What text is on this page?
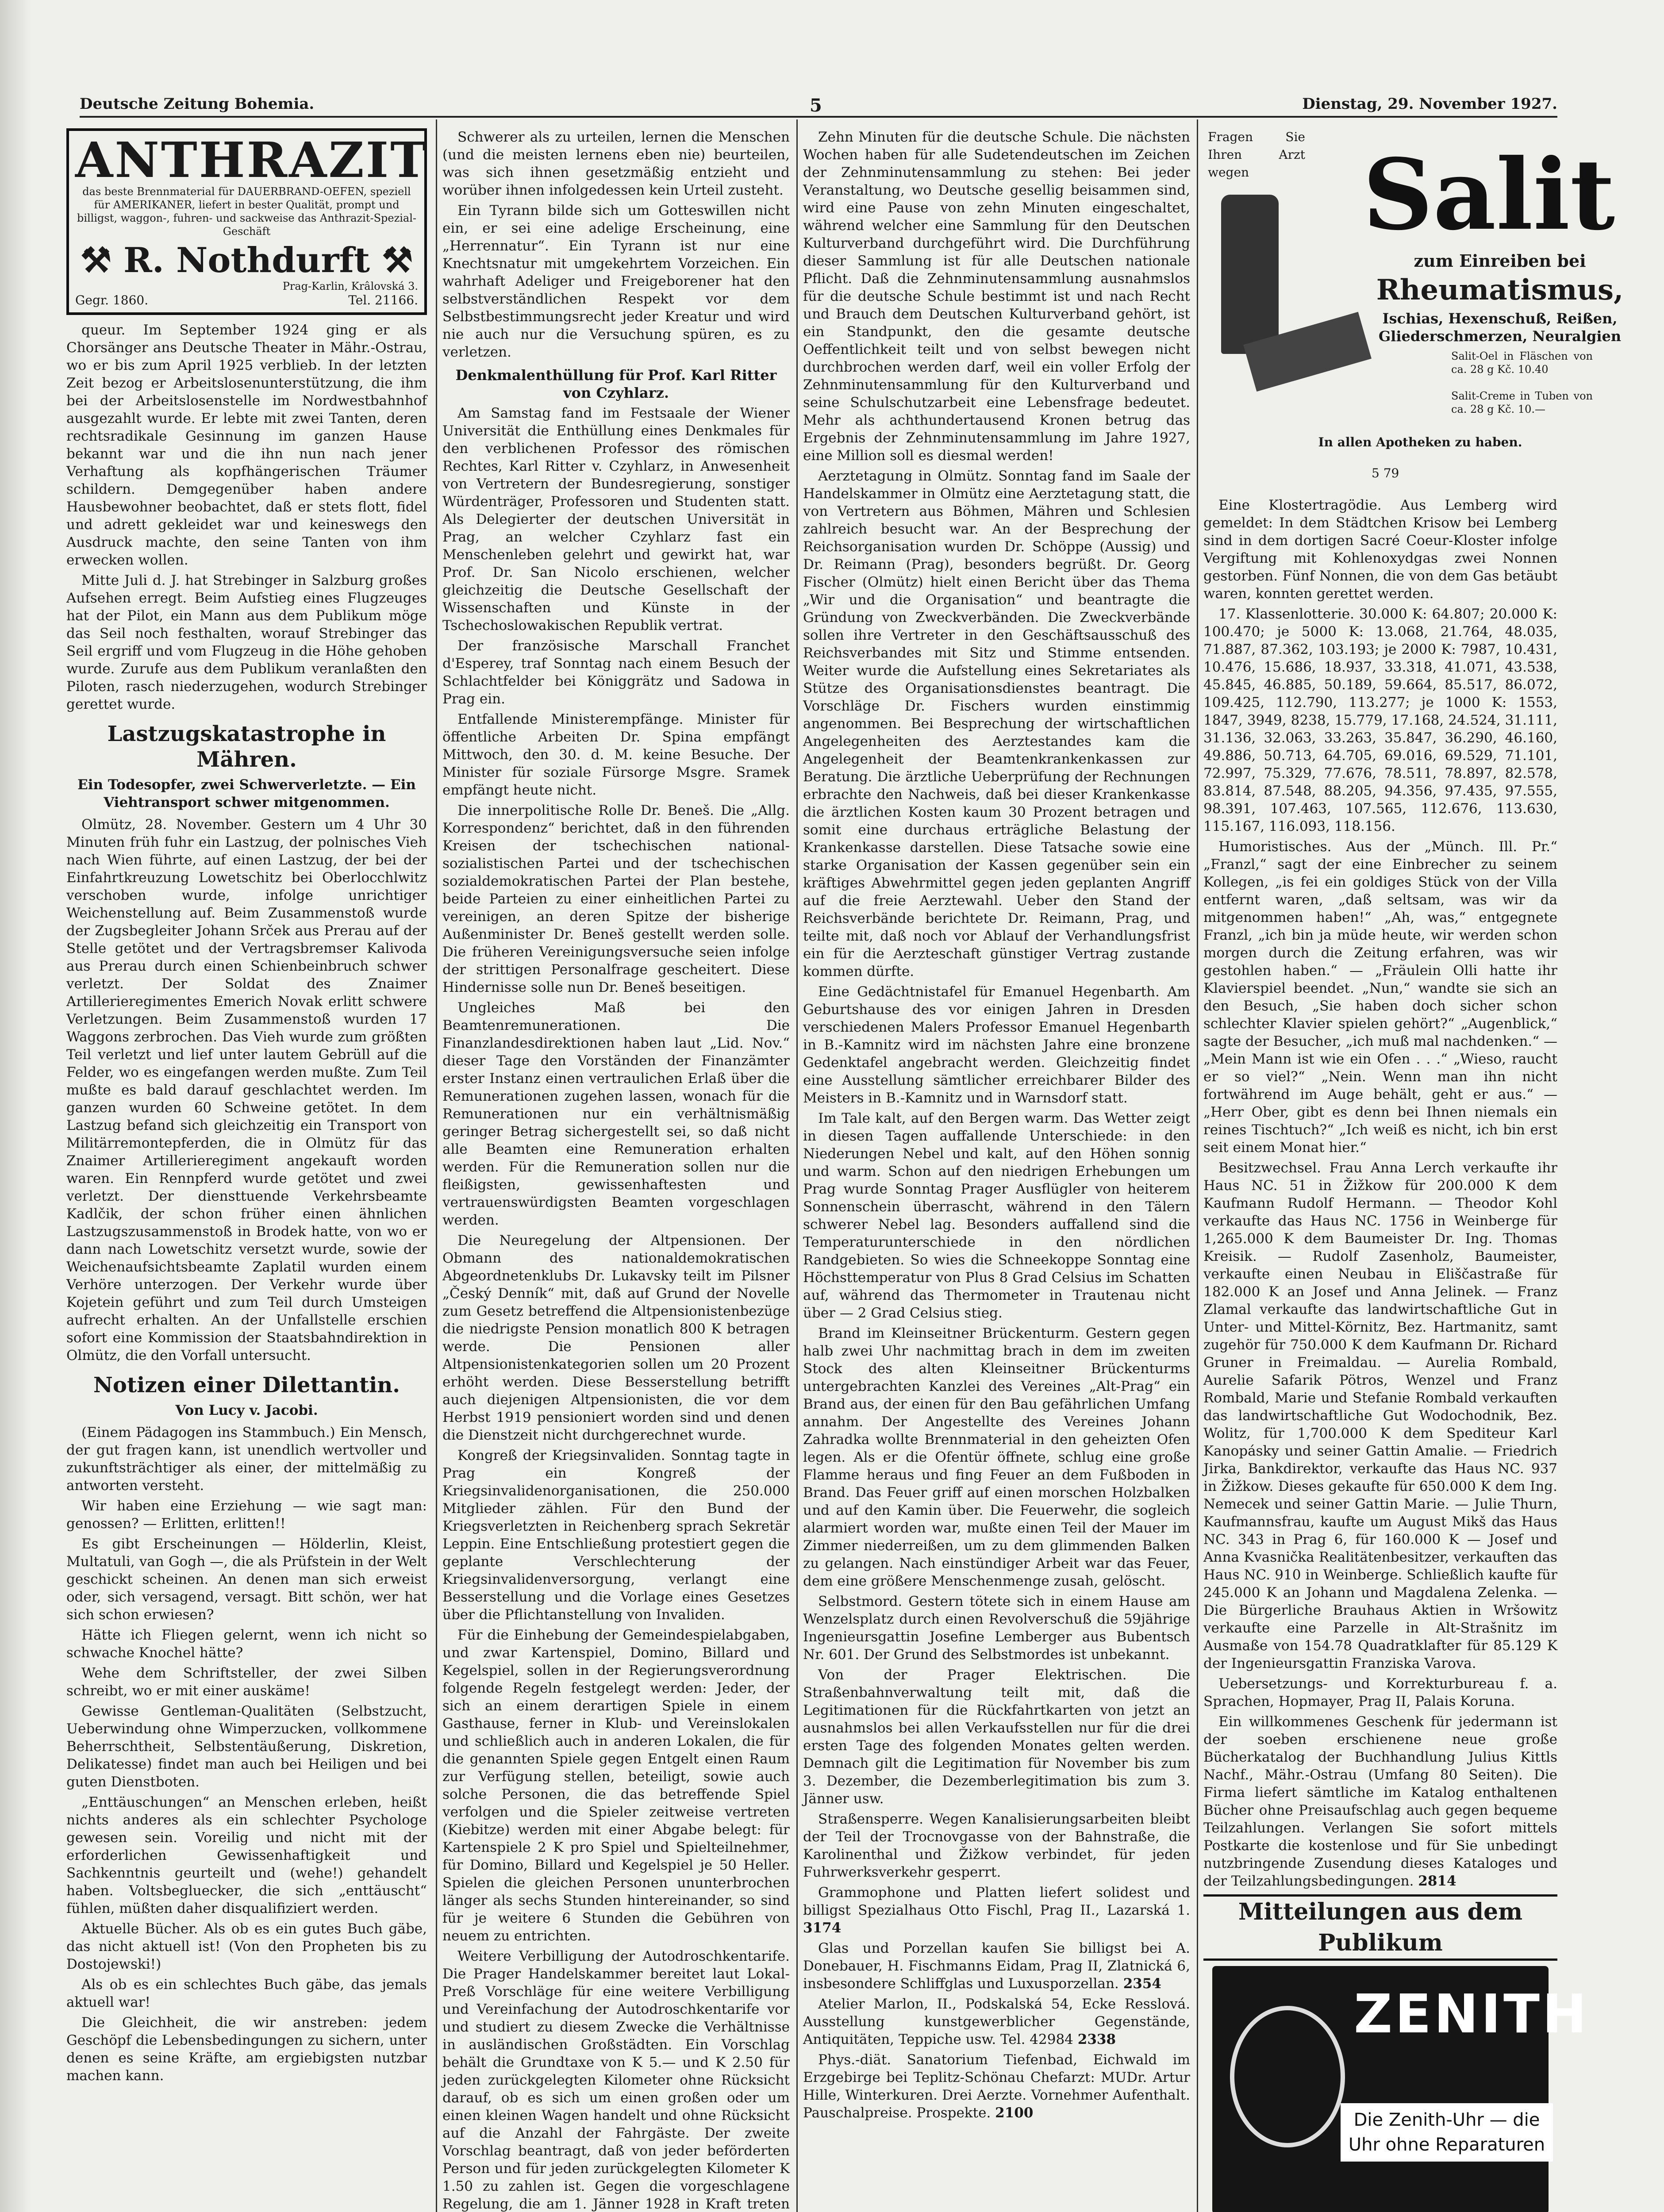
Deutsche Zeitung Bohemia.	5	Dienstag, 29. November 1927.
ANTHRAZIT
das beste Brennmaterial für DAUERBRAND-OEFEN, speziell für AMERIKANER, liefert in bester Qualität, prompt und billigst, waggon-, fuhren- und sackweise das Anthrazit-Spezial-Geschäft
⚒ R. Nothdurft ⚒
Prag-Karlin, Krâlovská 3.
Gegr. 1860.	Tel. 21166.

queur. Im September 1924 ging er als Chorsänger ans Deutsche Theater in Mähr.-Ostrau, wo er bis zum April 1925 verblieb. In der letzten Zeit bezog er Arbeitslosenunterstützung, die ihm bei der Arbeitslosenstelle im Nordwestbahnhof ausgezahlt wurde. Er lebte mit zwei Tanten, deren rechtsradikale Gesinnung im ganzen Hause bekannt war und die ihn nun nach jener Verhaftung als kopfhängerischen Träumer schildern. Demgegenüber haben andere Hausbewohner beobachtet, daß er stets flott, fidel und adrett gekleidet war und keineswegs den Ausdruck machte, den seine Tanten von ihm erwecken wollen.

Mitte Juli d. J. hat Strebinger in Salzburg großes Aufsehen erregt. Beim Aufstieg eines Flugzeuges hat der Pilot, ein Mann aus dem Publikum möge das Seil noch festhalten, worauf Strebinger das Seil ergriff und vom Flugzeug in die Höhe gehoben wurde. Zurufe aus dem Publikum veranlaßten den Piloten, rasch niederzugehen, wodurch Strebinger gerettet wurde.

Lastzugskatastrophe in Mähren.
Ein Todesopfer, zwei Schwerverletzte. — Ein Viehtransport schwer mitgenommen.

Olmütz, 28. November. Gestern um 4 Uhr 30 Minuten früh fuhr ein Lastzug, der polnisches Vieh nach Wien führte, auf einen Lastzug, der bei der Einfahrtkreuzung Lowetschitz bei Oberlocchlwitz verschoben wurde, infolge unrichtiger Weichenstellung auf. Beim Zusammenstoß wurde der Zugsbegleiter Johann Srček aus Prerau auf der Stelle getötet und der Vertragsbremser Kalivoda aus Prerau durch einen Schienbeinbruch schwer verletzt. Der Soldat des Znaimer Artillerieregimentes Emerich Novak erlitt schwere Verletzungen. Beim Zusammenstoß wurden 17 Waggons zerbrochen. Das Vieh wurde zum größten Teil verletzt und lief unter lautem Gebrüll auf die Felder, wo es eingefangen werden mußte. Zum Teil mußte es bald darauf geschlachtet werden. Im ganzen wurden 60 Schweine getötet. In dem Lastzug befand sich gleichzeitig ein Transport von Militärremontepferden, die in Olmütz für das Znaimer Artillerieregiment angekauft worden waren. Ein Rennpferd wurde getötet und zwei verletzt. Der diensttuende Verkehrsbeamte Kadlčik, der schon früher einen ähnlichen Lastzugszusammenstoß in Brodek hatte, von wo er dann nach Lowetschitz versetzt wurde, sowie der Weichenaufsichtsbeamte Zaplatil wurden einem Verhöre unterzogen. Der Verkehr wurde über Kojetein geführt und zum Teil durch Umsteigen aufrecht erhalten. An der Unfallstelle erschien sofort eine Kommission der Staatsbahndirektion in Olmütz, die den Vorfall untersucht.

Notizen einer Dilettantin.
Von Lucy v. Jacobi.

(Einem Pädagogen ins Stammbuch.) Ein Mensch, der gut fragen kann, ist unendlich wertvoller und zukunftsträchtiger als einer, der mittelmäßig zu antworten versteht.

Wir haben eine Erziehung — wie sagt man: genossen? — Erlitten, erlitten!!

Es gibt Erscheinungen — Hölderlin, Kleist, Multatuli, van Gogh —, die als Prüfstein in der Welt geschickt scheinen. An denen man sich erweist oder, sich versagend, versagt. Bitt schön, wer hat sich schon erwiesen?

Hätte ich Fliegen gelernt, wenn ich nicht so schwache Knochel hätte?

Wehe dem Schriftsteller, der zwei Silben schreibt, wo er mit einer auskäme!

Gewisse Gentleman-Qualitäten (Selbstzucht, Ueberwindung ohne Wimperzucken, vollkommene Beherrschtheit, Selbstentäußerung, Diskretion, Delikatesse) findet man auch bei Heiligen und bei guten Dienstboten.

„Enttäuschungen“ an Menschen erleben, heißt nichts anderes als ein schlechter Psychologe gewesen sein. Voreilig und nicht mit der erforderlichen Gewissenhaftigkeit und Sachkenntnis geurteilt und (wehe!) gehandelt haben. Voltsbegluecker, die sich „enttäuscht“ fühlen, müßten daher disqualifiziert werden.

Aktuelle Bücher. Als ob es ein gutes Buch gäbe, das nicht aktuell ist! (Von den Propheten bis zu Dostojewski!)

Als ob es ein schlechtes Buch gäbe, das jemals aktuell war!

Die Gleichheit, die wir anstreben: jedem Geschöpf die Lebensbedingungen zu sichern, unter denen es seine Kräfte, am ergiebigsten nutzbar machen kann.

Schwerer als zu urteilen, lernen die Menschen (und die meisten lernens eben nie) beurteilen, was sich ihnen gesetzmäßig entzieht und worüber ihnen infolgedessen kein Urteil zusteht.

Ein Tyrann bilde sich um Gotteswillen nicht ein, er sei eine adelige Erscheinung, eine „Herrennatur“. Ein Tyrann ist nur eine Knechtsnatur mit umgekehrtem Vorzeichen. Ein wahrhaft Adeliger und Freigeborener hat den selbstverständlichen Respekt vor dem Selbstbestimmungsrecht jeder Kreatur und wird nie auch nur die Versuchung spüren, es zu verletzen.

Denkmalenthüllung für Prof. Karl Ritter von Czyhlarz.

Am Samstag fand im Festsaale der Wiener Universität die Enthüllung eines Denkmales für den verblichenen Professor des römischen Rechtes, Karl Ritter v. Czyhlarz, in Anwesenheit von Vertretern der Bundesregierung, sonstiger Würdenträger, Professoren und Studenten statt. Als Delegierter der deutschen Universität in Prag, an welcher Czyhlarz fast ein Menschenleben gelehrt und gewirkt hat, war Prof. Dr. San Nicolo erschienen, welcher gleichzeitig die Deutsche Gesellschaft der Wissenschaften und Künste in der Tschechoslowakischen Republik vertrat.

Der französische Marschall Franchet d'Esperey, traf Sonntag nach einem Besuch der Schlachtfelder bei Königgrätz und Sadowa in Prag ein.

Entfallende Ministerempfänge. Minister für öffentliche Arbeiten Dr. Spina empfängt Mittwoch, den 30. d. M. keine Besuche. Der Minister für soziale Fürsorge Msgre. Sramek empfängt heute nicht.

Die innerpolitische Rolle Dr. Beneš. Die „Allg. Korrespondenz“ berichtet, daß in den führenden Kreisen der tschechischen national-sozialistischen Partei und der tschechischen sozialdemokratischen Partei der Plan bestehe, beide Parteien zu einer einheitlichen Partei zu vereinigen, an deren Spitze der bisherige Außenminister Dr. Beneš gestellt werden solle. Die früheren Vereinigungsversuche seien infolge der strittigen Personalfrage gescheitert. Diese Hindernisse solle nun Dr. Beneš beseitigen.

Ungleiches Maß bei den Beamtenremunerationen. Die Finanzlandesdirektionen haben laut „Lid. Nov.“ dieser Tage den Vorständen der Finanzämter erster Instanz einen vertraulichen Erlaß über die Remunerationen zugehen lassen, wonach für die Remunerationen nur ein verhältnismäßig geringer Betrag sichergestellt sei, so daß nicht alle Beamten eine Remuneration erhalten werden. Für die Remuneration sollen nur die fleißigsten, gewissenhaftesten und vertrauenswürdigsten Beamten vorgeschlagen werden.

Die Neuregelung der Altpensionen. Der Obmann des nationaldemokratischen Abgeordnetenklubs Dr. Lukavsky teilt im Pilsner „Český Denník“ mit, daß auf Grund der Novelle zum Gesetz betreffend die Altpensionistenbezüge die niedrigste Pension monatlich 800 K betragen werde. Die Pensionen aller Altpensionistenkategorien sollen um 20 Prozent erhöht werden. Diese Besserstellung betrifft auch diejenigen Altpensionisten, die vor dem Herbst 1919 pensioniert worden sind und denen die Dienstzeit nicht durchgerechnet wurde.

Kongreß der Kriegsinvaliden. Sonntag tagte in Prag ein Kongreß der Kriegsinvalidenorganisationen, die 250.000 Mitglieder zählen. Für den Bund der Kriegsverletzten in Reichenberg sprach Sekretär Leppin. Eine Entschließung protestiert gegen die geplante Verschlechterung der Kriegsinvalidenversorgung, verlangt eine Besserstellung und die Vorlage eines Gesetzes über die Pflichtanstellung von Invaliden.

Für die Einhebung der Gemeindespielabgaben, und zwar Kartenspiel, Domino, Billard und Kegelspiel, sollen in der Regierungsverordnung folgende Regeln festgelegt werden: Jeder, der sich an einem derartigen Spiele in einem Gasthause, ferner in Klub- und Vereinslokalen und schließlich auch in anderen Lokalen, die für die genannten Spiele gegen Entgelt einen Raum zur Verfügung stellen, beteiligt, sowie auch solche Personen, die das betreffende Spiel verfolgen und die Spieler zeitweise vertreten (Kiebitze) werden mit einer Abgabe belegt: für Kartenspiele 2 K pro Spiel und Spielteilnehmer, für Domino, Billard und Kegelspiel je 50 Heller. Spielen die gleichen Personen ununterbrochen länger als sechs Stunden hintereinander, so sind für je weitere 6 Stunden die Gebühren von neuem zu entrichten.

Weitere Verbilligung der Autodroschkentarife. Die Prager Handelskammer bereitet laut Lokal-Preß Vorschläge für eine weitere Verbilligung und Vereinfachung der Autodroschkentarife vor und studiert zu diesem Zwecke die Verhältnisse in ausländischen Großstädten. Ein Vorschlag behält die Grundtaxe von K 5.— und K 2.50 für jeden zurückgelegten Kilometer ohne Rücksicht darauf, ob es sich um einen großen oder um einen kleinen Wagen handelt und ohne Rücksicht auf die Anzahl der Fahrgäste. Der zweite Vorschlag beantragt, daß von jeder beförderten Person und für jeden zurückgelegten Kilometer K 1.50 zu zahlen ist. Gegen die vorgeschlagene Regelung, die am 1. Jänner 1928 in Kraft treten

Zehn Minuten für die deutsche Schule. Die nächsten Wochen haben für alle Sudetendeutschen im Zeichen der Zehnminutensammlung zu stehen: Bei jeder Veranstaltung, wo Deutsche gesellig beisammen sind, wird eine Pause von zehn Minuten eingeschaltet, während welcher eine Sammlung für den Deutschen Kulturverband durchgeführt wird. Die Durchführung dieser Sammlung ist für alle Deutschen nationale Pflicht. Daß die Zehnminutensammlung ausnahmslos für die deutsche Schule bestimmt ist und nach Recht und Brauch dem Deutschen Kulturverband gehört, ist ein Standpunkt, den die gesamte deutsche Oeffentlichkeit teilt und von selbst bewegen nicht durchbrochen werden darf, weil ein voller Erfolg der Zehnminutensammlung für den Kulturverband und seine Schulschutzarbeit eine Lebensfrage bedeutet. Mehr als achthundertausend Kronen betrug das Ergebnis der Zehnminutensammlung im Jahre 1927, eine Million soll es diesmal werden!

Aerztetagung in Olmütz. Sonntag fand im Saale der Handelskammer in Olmütz eine Aerztetagung statt, die von Vertretern aus Böhmen, Mähren und Schlesien zahlreich besucht war. An der Besprechung der Reichsorganisation wurden Dr. Schöppe (Aussig) und Dr. Reimann (Prag), besonders begrüßt. Dr. Georg Fischer (Olmütz) hielt einen Bericht über das Thema „Wir und die Organisation“ und beantragte die Gründung von Zweckverbänden. Die Zweckverbände sollen ihre Vertreter in den Geschäftsausschuß des Reichsverbandes mit Sitz und Stimme entsenden. Weiter wurde die Aufstellung eines Sekretariates als Stütze des Organisationsdienstes beantragt. Die Vorschläge Dr. Fischers wurden einstimmig angenommen. Bei Besprechung der wirtschaftlichen Angelegenheiten des Aerztestandes kam die Angelegenheit der Beamtenkrankenkassen zur Beratung. Die ärztliche Ueberprüfung der Rechnungen erbrachte den Nachweis, daß bei dieser Krankenkasse die ärztlichen Kosten kaum 30 Prozent betragen und somit eine durchaus erträgliche Belastung der Krankenkasse darstellen. Diese Tatsache sowie eine starke Organisation der Kassen gegenüber sein ein kräftiges Abwehrmittel gegen jeden geplanten Angriff auf die freie Aerztewahl. Ueber den Stand der Reichsverbände berichtete Dr. Reimann, Prag, und teilte mit, daß noch vor Ablauf der Verhandlungsfrist ein für die Aerzteschaft günstiger Vertrag zustande kommen dürfte.

Eine Gedächtnistafel für Emanuel Hegenbarth. Am Geburtshause des vor einigen Jahren in Dresden verschiedenen Malers Professor Emanuel Hegenbarth in B.-Kamnitz wird im nächsten Jahre eine bronzene Gedenktafel angebracht werden. Gleichzeitig findet eine Ausstellung sämtlicher erreichbarer Bilder des Meisters in B.-Kamnitz und in Warnsdorf statt.

Im Tale kalt, auf den Bergen warm. Das Wetter zeigt in diesen Tagen auffallende Unterschiede: in den Niederungen Nebel und kalt, auf den Höhen sonnig und warm. Schon auf den niedrigen Erhebungen um Prag wurde Sonntag Prager Ausflügler von heiterem Sonnenschein überrascht, während in den Tälern schwerer Nebel lag. Besonders auffallend sind die Temperaturunterschiede in den nördlichen Randgebieten. So wies die Schneekoppe Sonntag eine Höchsttemperatur von Plus 8 Grad Celsius im Schatten auf, während das Thermometer in Trautenau nicht über — 2 Grad Celsius stieg.

Brand im Kleinseitner Brückenturm. Gestern gegen halb zwei Uhr nachmittag brach in dem im zweiten Stock des alten Kleinseitner Brückenturms untergebrachten Kanzlei des Vereines „Alt-Prag“ ein Brand aus, der einen für den Bau gefährlichen Umfang annahm. Der Angestellte des Vereines Johann Zahradka wollte Brennmaterial in den geheizten Ofen legen. Als er die Ofentür öffnete, schlug eine große Flamme heraus und fing Feuer an dem Fußboden in Brand. Das Feuer griff auf einen morschen Holzbalken und auf den Kamin über. Die Feuerwehr, die sogleich alarmiert worden war, mußte einen Teil der Mauer im Zimmer niederreißen, um zu dem glimmenden Balken zu gelangen. Nach einstündiger Arbeit war das Feuer, dem eine größere Menschenmenge zusah, gelöscht.

Selbstmord. Gestern tötete sich in einem Hause am Wenzelsplatz durch einen Revolverschuß die 59jährige Ingenieursgattin Josefine Lemberger aus Bubentsch Nr. 601. Der Grund des Selbstmordes ist unbekannt.

Von der Prager Elektrischen. Die Straßenbahnverwaltung teilt mit, daß die Legitimationen für die Rückfahrtkarten von jetzt an ausnahmslos bei allen Verkaufsstellen nur für die drei ersten Tage des folgenden Monates gelten werden. Demnach gilt die Legitimation für November bis zum 3. Dezember, die Dezemberlegitimation bis zum 3. Jänner usw.

Straßensperre. Wegen Kanalisierungsarbeiten bleibt der Teil der Trocnovgasse von der Bahnstraße, die Karolinenthal und Žižkow verbindet, für jeden Fuhrwerksverkehr gesperrt.

Grammophone und Platten liefert solidest und billigst Spezialhaus Otto Fischl, Prag II., Lazarská 1. 3174

Glas und Porzellan kaufen Sie billigst bei A. Donebauer, H. Fischmanns Eidam, Prag II, Zlatnická 6, insbesondere Schliffglas und Luxusporzellan. 2354

Atelier Marlon, II., Podskalská 54, Ecke Resslová. Ausstellung kunstgewerblicher Gegenstände, Antiquitäten, Teppiche usw. Tel. 42984 2338

Phys.-diät. Sanatorium Tiefenbad, Eichwald im Erzgebirge bei Teplitz-Schönau Chefarzt: MUDr. Artur Hille, Winterkuren. Drei Aerzte. Vornehmer Aufenthalt. Pauschalpreise. Prospekte. 2100

Fragen Sie Ihren Arzt wegen	Salit
zum Einreiben bei
Rheumatismus,
Ischias, Hexenschuß, Reißen, Gliederschmerzen, Neuralgien
Salit-Oel in Fläschen von ca. 28 g Kč. 10.40
Salit-Creme in Tuben von ca. 28 g Kč. 10.—
In allen Apotheken zu haben.
5 79

Eine Klostertragödie. Aus Lemberg wird gemeldet: In dem Städtchen Krisow bei Lemberg sind in dem dortigen Sacré Coeur-Kloster infolge Vergiftung mit Kohlenoxydgas zwei Nonnen gestorben. Fünf Nonnen, die von dem Gas betäubt waren, konnten gerettet werden.

17. Klassenlotterie. 30.000 K: 64.807; 20.000 K: 100.470; je 5000 K: 13.068, 21.764, 48.035, 71.887, 87.362, 103.193; je 2000 K: 7987, 10.431, 10.476, 15.686, 18.937, 33.318, 41.071, 43.538, 45.845, 46.885, 50.189, 59.664, 85.517, 86.072, 109.425, 112.790, 113.277; je 1000 K: 1553, 1847, 3949, 8238, 15.779, 17.168, 24.524, 31.111, 31.136, 32.063, 33.263, 35.847, 36.290, 46.160, 49.886, 50.713, 64.705, 69.016, 69.529, 71.101, 72.997, 75.329, 77.676, 78.511, 78.897, 82.578, 83.814, 87.548, 88.205, 94.356, 97.435, 97.555, 98.391, 107.463, 107.565, 112.676, 113.630, 115.167, 116.093, 118.156.

Humoristisches. Aus der „Münch. Ill. Pr.“ „Franzl,“ sagt der eine Einbrecher zu seinem Kollegen, „is fei ein goldiges Stück von der Villa entfernt waren, „daß seltsam, was wir da mitgenommen haben!“ „Ah, was,“ entgegnete Franzl, „ich bin ja müde heute, wir werden schon morgen durch die Zeitung erfahren, was wir gestohlen haben.“ — „Fräulein Olli hatte ihr Klavierspiel beendet. „Nun,“ wandte sie sich an den Besuch, „Sie haben doch sicher schon schlechter Klavier spielen gehört?“ „Augenblick,“ sagte der Besucher, „ich muß mal nachdenken.“ — „Mein Mann ist wie ein Ofen . . .“ „Wieso, raucht er so viel?“ „Nein. Wenn man ihn nicht fortwährend im Auge behält, geht er aus.“ — „Herr Ober, gibt es denn bei Ihnen niemals ein reines Tischtuch?“ „Ich weiß es nicht, ich bin erst seit einem Monat hier.“

Besitzwechsel. Frau Anna Lerch verkaufte ihr Haus NC. 51 in Žižkow für 200.000 K dem Kaufmann Rudolf Hermann. — Theodor Kohl verkaufte das Haus NC. 1756 in Weinberge für 1,265.000 K dem Baumeister Dr. Ing. Thomas Kreisik. — Rudolf Zasenholz, Baumeister, verkaufte einen Neubau in Eliščastraße für 182.000 K an Josef und Anna Jelinek. — Franz Zlamal verkaufte das landwirtschaftliche Gut in Unter- und Mittel-Körnitz, Bez. Hartmanitz, samt zugehör für 750.000 K dem Kaufmann Dr. Richard Gruner in Freimaldau. — Aurelia Rombald, Aurelie Safarik Pötros, Wenzel und Franz Rombald, Marie und Stefanie Rombald verkauften das landwirtschaftliche Gut Wodochodnik, Bez. Wolitz, für 1,700.000 K dem Spediteur Karl Kanopásky und seiner Gattin Amalie. — Friedrich Jirka, Bankdirektor, verkaufte das Haus NC. 937 in Žižkow. Dieses gekaufte für 650.000 K dem Ing. Nemecek und seiner Gattin Marie. — Julie Thurn, Kaufmannsfrau, kaufte um August Mikš das Haus NC. 343 in Prag 6, für 160.000 K — Josef und Anna Kvasnička Realitätenbesitzer, verkauften das Haus NC. 910 in Weinberge. Schließlich kaufte für 245.000 K an Johann und Magdalena Zelenka. — Die Bürgerliche Brauhaus Aktien in Wršowitz verkaufte eine Parzelle in Alt-Strašnitz im Ausmaße von 154.78 Quadratklafter für 85.129 K der Ingenieursgattin Franziska Varova.

Uebersetzungs- und Korrekturbureau f. a. Sprachen, Hopmayer, Prag II, Palais Koruna.

Ein willkommenes Geschenk für jedermann ist der soeben erschienene neue große Bücherkatalog der Buchhandlung Julius Kittls Nachf., Mähr.-Ostrau (Umfang 80 Seiten). Die Firma liefert sämtliche im Katalog enthaltenen Bücher ohne Preisaufschlag auch gegen bequeme Teilzahlungen. Verlangen Sie sofort mittels Postkarte die kostenlose und für Sie unbedingt nutzbringende Zusendung dieses Kataloges und der Teilzahlungsbedingungen. 2814

Mitteilungen aus dem Publikum
ZENITH
Die Zenith-Uhr — die Uhr ohne Reparaturen
